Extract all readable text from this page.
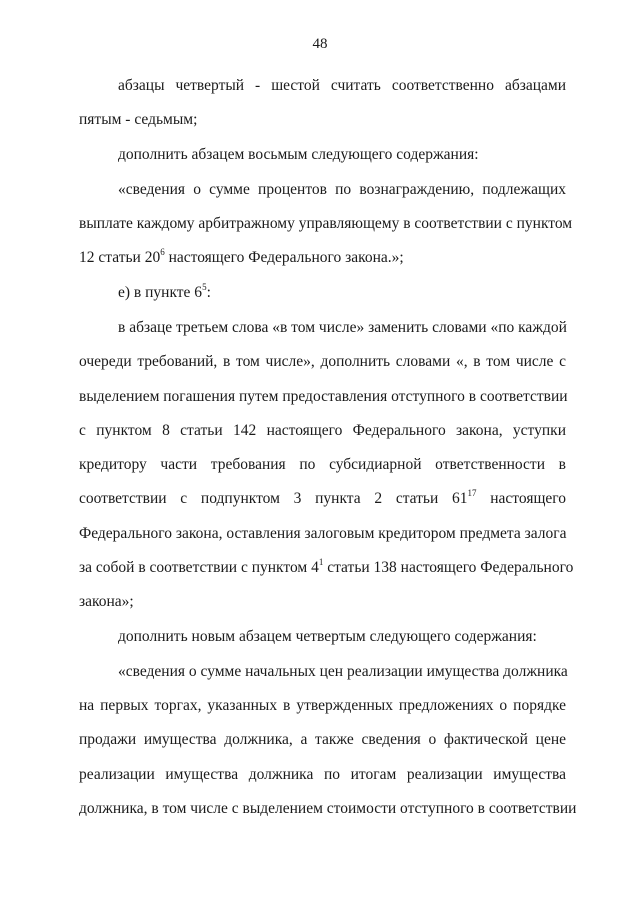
48
абзацы четвертый - шестой считать соответственно абзацами
пятым - седьмым;
дополнить абзацем восьмым следующего содержания:
«сведения о сумме процентов по вознаграждению, подлежащих
выплате каждому арбитражному управляющему в соответствии с пунктом
12 статьи $20^6$ настоящего Федерального закона.»;
е) в пункте $6^5$:
в абзаце третьем слова «в том числе» заменить словами «по каждой
очереди требований, в том числе», дополнить словами «, в том числе с
выделением погашения путем предоставления отступного в соответствии
с пунктом 8 статьи 142 настоящего Федерального закона, уступки
кредитору части требования по субсидиарной ответственности в
соответствии с подпунктом 3 пункта 2 статьи $61^{17}$ настоящего
Федерального закона, оставления залоговым кредитором предмета залога
за собой в соответствии с пунктом $4^1$ статьи 138 настоящего Федерального
закона»;
дополнить новым абзацем четвертым следующего содержания:
«сведения о сумме начальных цен реализации имущества должника
на первых торгах, указанных в утвержденных предложениях о порядке
продажи имущества должника, а также сведения о фактической цене
реализации имущества должника по итогам реализации имущества
должника, в том числе с выделением стоимости отступного в соответствии
